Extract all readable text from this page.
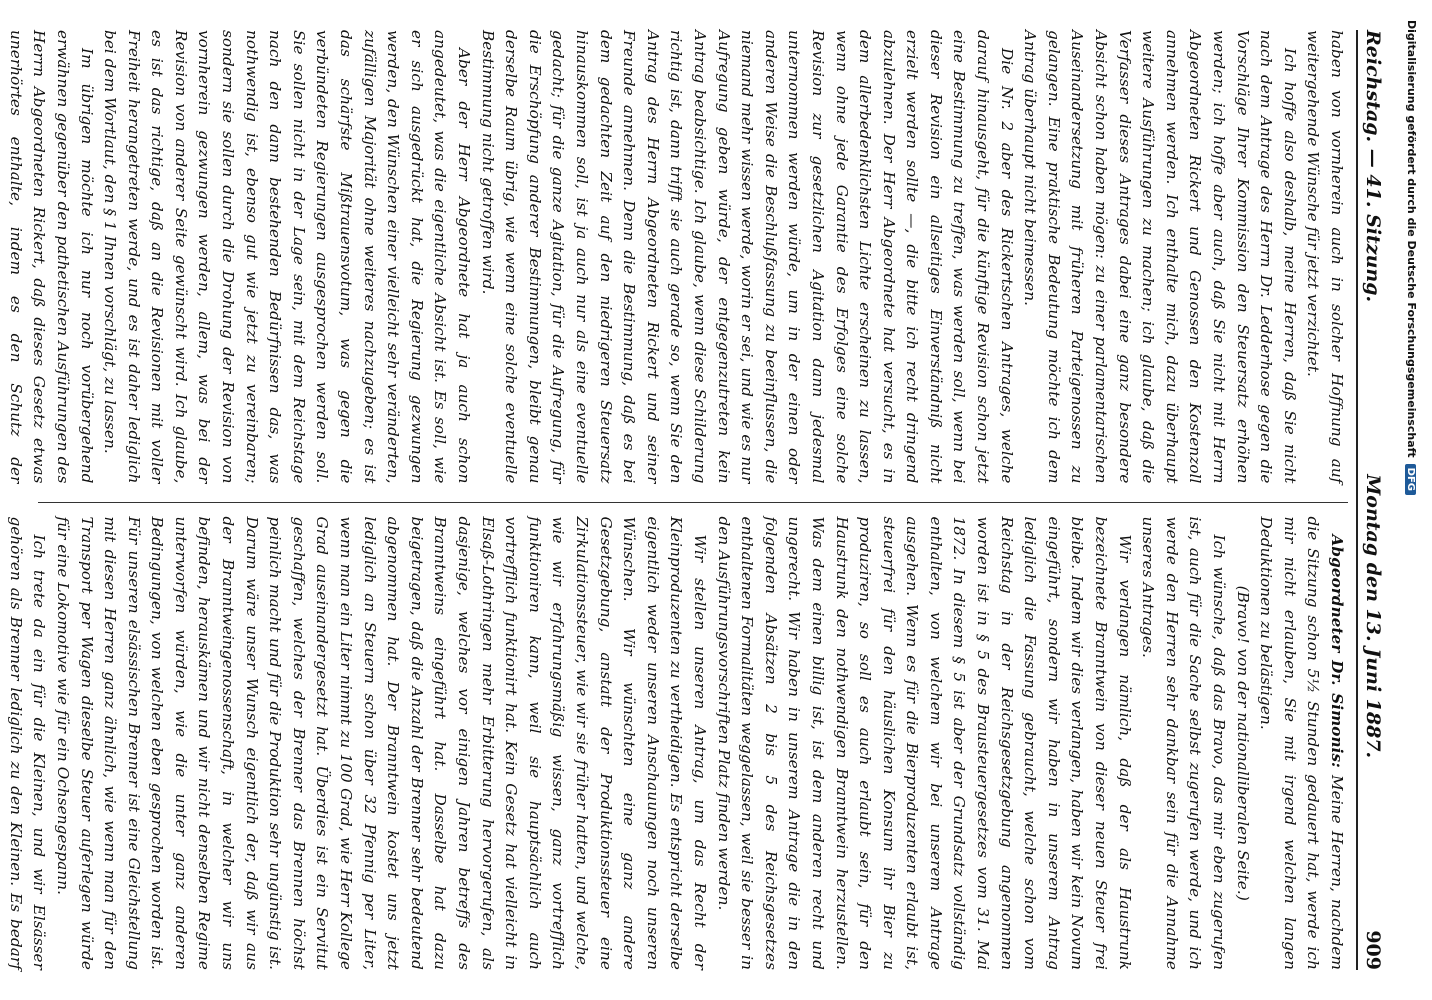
Reichstag. — 41. Sitzung.
Montag den 13. Juni 1887.
909

haben von vornherein auch in solcher Hoffnung auf weitergehende Wünsche für jetzt verzichtet.

Ich hoffe also deshalb, meine Herren, daß Sie nicht nach dem Antrage des Herrn Dr. Ledderhose gegen die Vorschläge Ihrer Kommission den Steuersatz erhöhen werden; ich hoffe aber auch, daß Sie nicht mit Herrn Abgeordneten Rickert und Genossen den Kostenzoll annehmen werden. Ich enthalte mich, dazu überhaupt weitere Ausführungen zu machen; ich glaube, daß die Verfasser dieses Antrages dabei eine ganz besondere Absicht schon haben mögen: zu einer parlamentarischen Auseinandersetzung mit früheren Parteigenossen zu gelangen. Eine praktische Bedeutung möchte ich dem Antrag überhaupt nicht beimessen.

Die Nr. 2 aber des Rickertschen Antrages, welche darauf hinausgeht, für die künftige Revision schon jetzt eine Bestimmung zu treffen, was werden soll, wenn bei dieser Revision ein allseitiges Einverständniß nicht erzielt werden sollte —, die bitte ich recht dringend abzulehnen. Der Herr Abgeordnete hat versucht, es in dem allerbedenklichsten Lichte erscheinen zu lassen, wenn ohne jede Garantie des Erfolges eine solche Revision zur gesetzlichen Agitation dann jedesmal unternommen werden würde, um in der einen oder anderen Weise die Beschlußfassung zu beeinflussen, die niemand mehr wissen werde, worin er sei, und wie es nur Aufregung geben würde, der entgegenzutreten kein Antrag beabsichtige. Ich glaube, wenn diese Schilderung richtig ist, dann trifft sie auch gerade so, wenn Sie den Antrag des Herrn Abgeordneten Rickert und seiner Freunde annehmen. Denn die Bestimmung, daß es bei dem gedachten Zeit auf den niedrigeren Steuersatz hinauskommen soll, ist ja auch nur als eine eventuelle gedacht; für die ganze Agitation, für die Aufregung, für die Erschöpfung anderer Bestimmungen, bleibt genau derselbe Raum übrig, wie wenn eine solche eventuelle Bestimmung nicht getroffen wird.

Aber der Herr Abgeordnete hat ja auch schon angedeutet, was die eigentliche Absicht ist. Es soll, wie er sich ausgedrückt hat, die Regierung gezwungen werden, den Wünschen einer vielleicht sehr veränderten, zufälligen Majorität ohne weiteres nachzugeben; es ist das schärfste Mißtrauensvotum, was gegen die verbündeten Regierungen ausgesprochen werden soll. Sie sollen nicht in der Lage sein, mit dem Reichstage nach den dann bestehenden Bedürfnissen das, was nothwendig ist, ebenso gut wie jetzt zu vereinbaren; sondern sie sollen durch die Drohung der Revision von vornherein gezwungen werden, allem, was bei der Revision von anderer Seite gewünscht wird. Ich glaube, es ist das richtige, daß an die Revisionen mit voller Freiheit herangetreten werde, und es ist daher lediglich bei dem Wortlaut, den § 1 Ihnen vorschlägt, zu lassen.

Im übrigen möchte ich nur noch vorübergehend erwähnen gegenüber den pathetischen Ausführungen des Herrn Abgeordneten Rickert, daß dieses Gesetz etwas unerhörtes enthalte, indem es den Schutz der

Abgeordneter Dr. Simonis: Meine Herren, nachdem die Sitzung schon 5½ Stunden gedauert hat, werde ich mir nicht erlauben, Sie mit irgend welchen langen Deduktionen zu belästigen.

(Bravo! von der nationalliberalen Seite.)

Ich wünsche, daß das Bravo, das mir eben zugerufen ist, auch für die Sache selbst zugerufen werde, und ich werde den Herren sehr dankbar sein für die Annahme unseres Antrages.

Wir verlangen nämlich, daß der als Haustrunk bezeichnete Branntwein von dieser neuen Steuer frei bleibe. Indem wir dies verlangen, haben wir kein Novum eingeführt, sondern wir haben in unserem Antrag lediglich die Fassung gebraucht, welche schon vom Reichstag in der Reichsgesetzgebung angenommen worden ist in § 5 des Brausteuergesetzes vom 31. Mai 1872. In diesem § 5 ist aber der Grundsatz vollständig enthalten, von welchem wir bei unserem Antrage ausgehen. Wenn es für die Bierproduzenten erlaubt ist, steuerfrei für den häuslichen Konsum ihr Bier zu produziren, so soll es auch erlaubt sein, für den Haustrunk den nothwendigen Branntwein herzustellen. Was dem einen billig ist, ist dem anderen recht und ungerecht. Wir haben in unserem Antrage die in den folgenden Absätzen 2 bis 5 des Reichsgesetzes enthaltenen Formalitäten weggelassen, weil sie besser in den Ausführungsvorschriften Platz finden werden.

Wir stellen unseren Antrag, um das Recht der Kleinproduzenten zu vertheidigen. Es entspricht derselbe eigentlich weder unseren Anschauungen noch unseren Wünschen. Wir wünschten eine ganz andere Gesetzgebung, anstatt der Produktionssteuer eine Zirkulationssteuer, wie wir sie früher hatten, und welche, wie wir erfahrungsmäßig wissen, ganz vortrefflich funktioniren kann, weil sie hauptsächlich auch vortrefflich funktionirt hat. Kein Gesetz hat vielleicht in Elsaß-Lothringen mehr Erbitterung hervorgerufen, als dasjenige, welches vor einigen Jahren betreffs des Branntweins eingeführt hat. Dasselbe hat dazu beigetragen, daß die Anzahl der Brenner sehr bedeutend abgenommen hat. Der Branntwein kostet uns jetzt lediglich an Steuern schon über 32 Pfennig per Liter, wenn man ein Liter nimmt zu 100 Grad, wie Herr Kollege Grad auseinandergesetzt hat. Überdies ist ein Servitut geschaffen, welches der Brenner das Brennen höchst peinlich macht und für die Produktion sehr ungünstig ist. Darum wäre unser Wunsch eigentlich der, daß wir aus der Branntweingenossenschaft, in welcher wir uns befinden, herauskämen und wir nicht denselben Regime unterworfen würden, wie die unter ganz anderen Bedingungen, von welchen eben gesprochen worden ist. Für unseren elsässischen Brenner ist eine Gleichstellung mit diesen Herren ganz ähnlich, wie wenn man für den Transport per Wagen dieselbe Steuer auferlegen würde für eine Lokomotive wie für ein Ochsengespann.

Ich trete da ein für die Kleinen, und wir Elsässer gehören als Brenner lediglich zu den Kleinen. Es bedarf

Digitalisierung gefördert durch die Deutsche ForschungsgemeinschaftDFG
